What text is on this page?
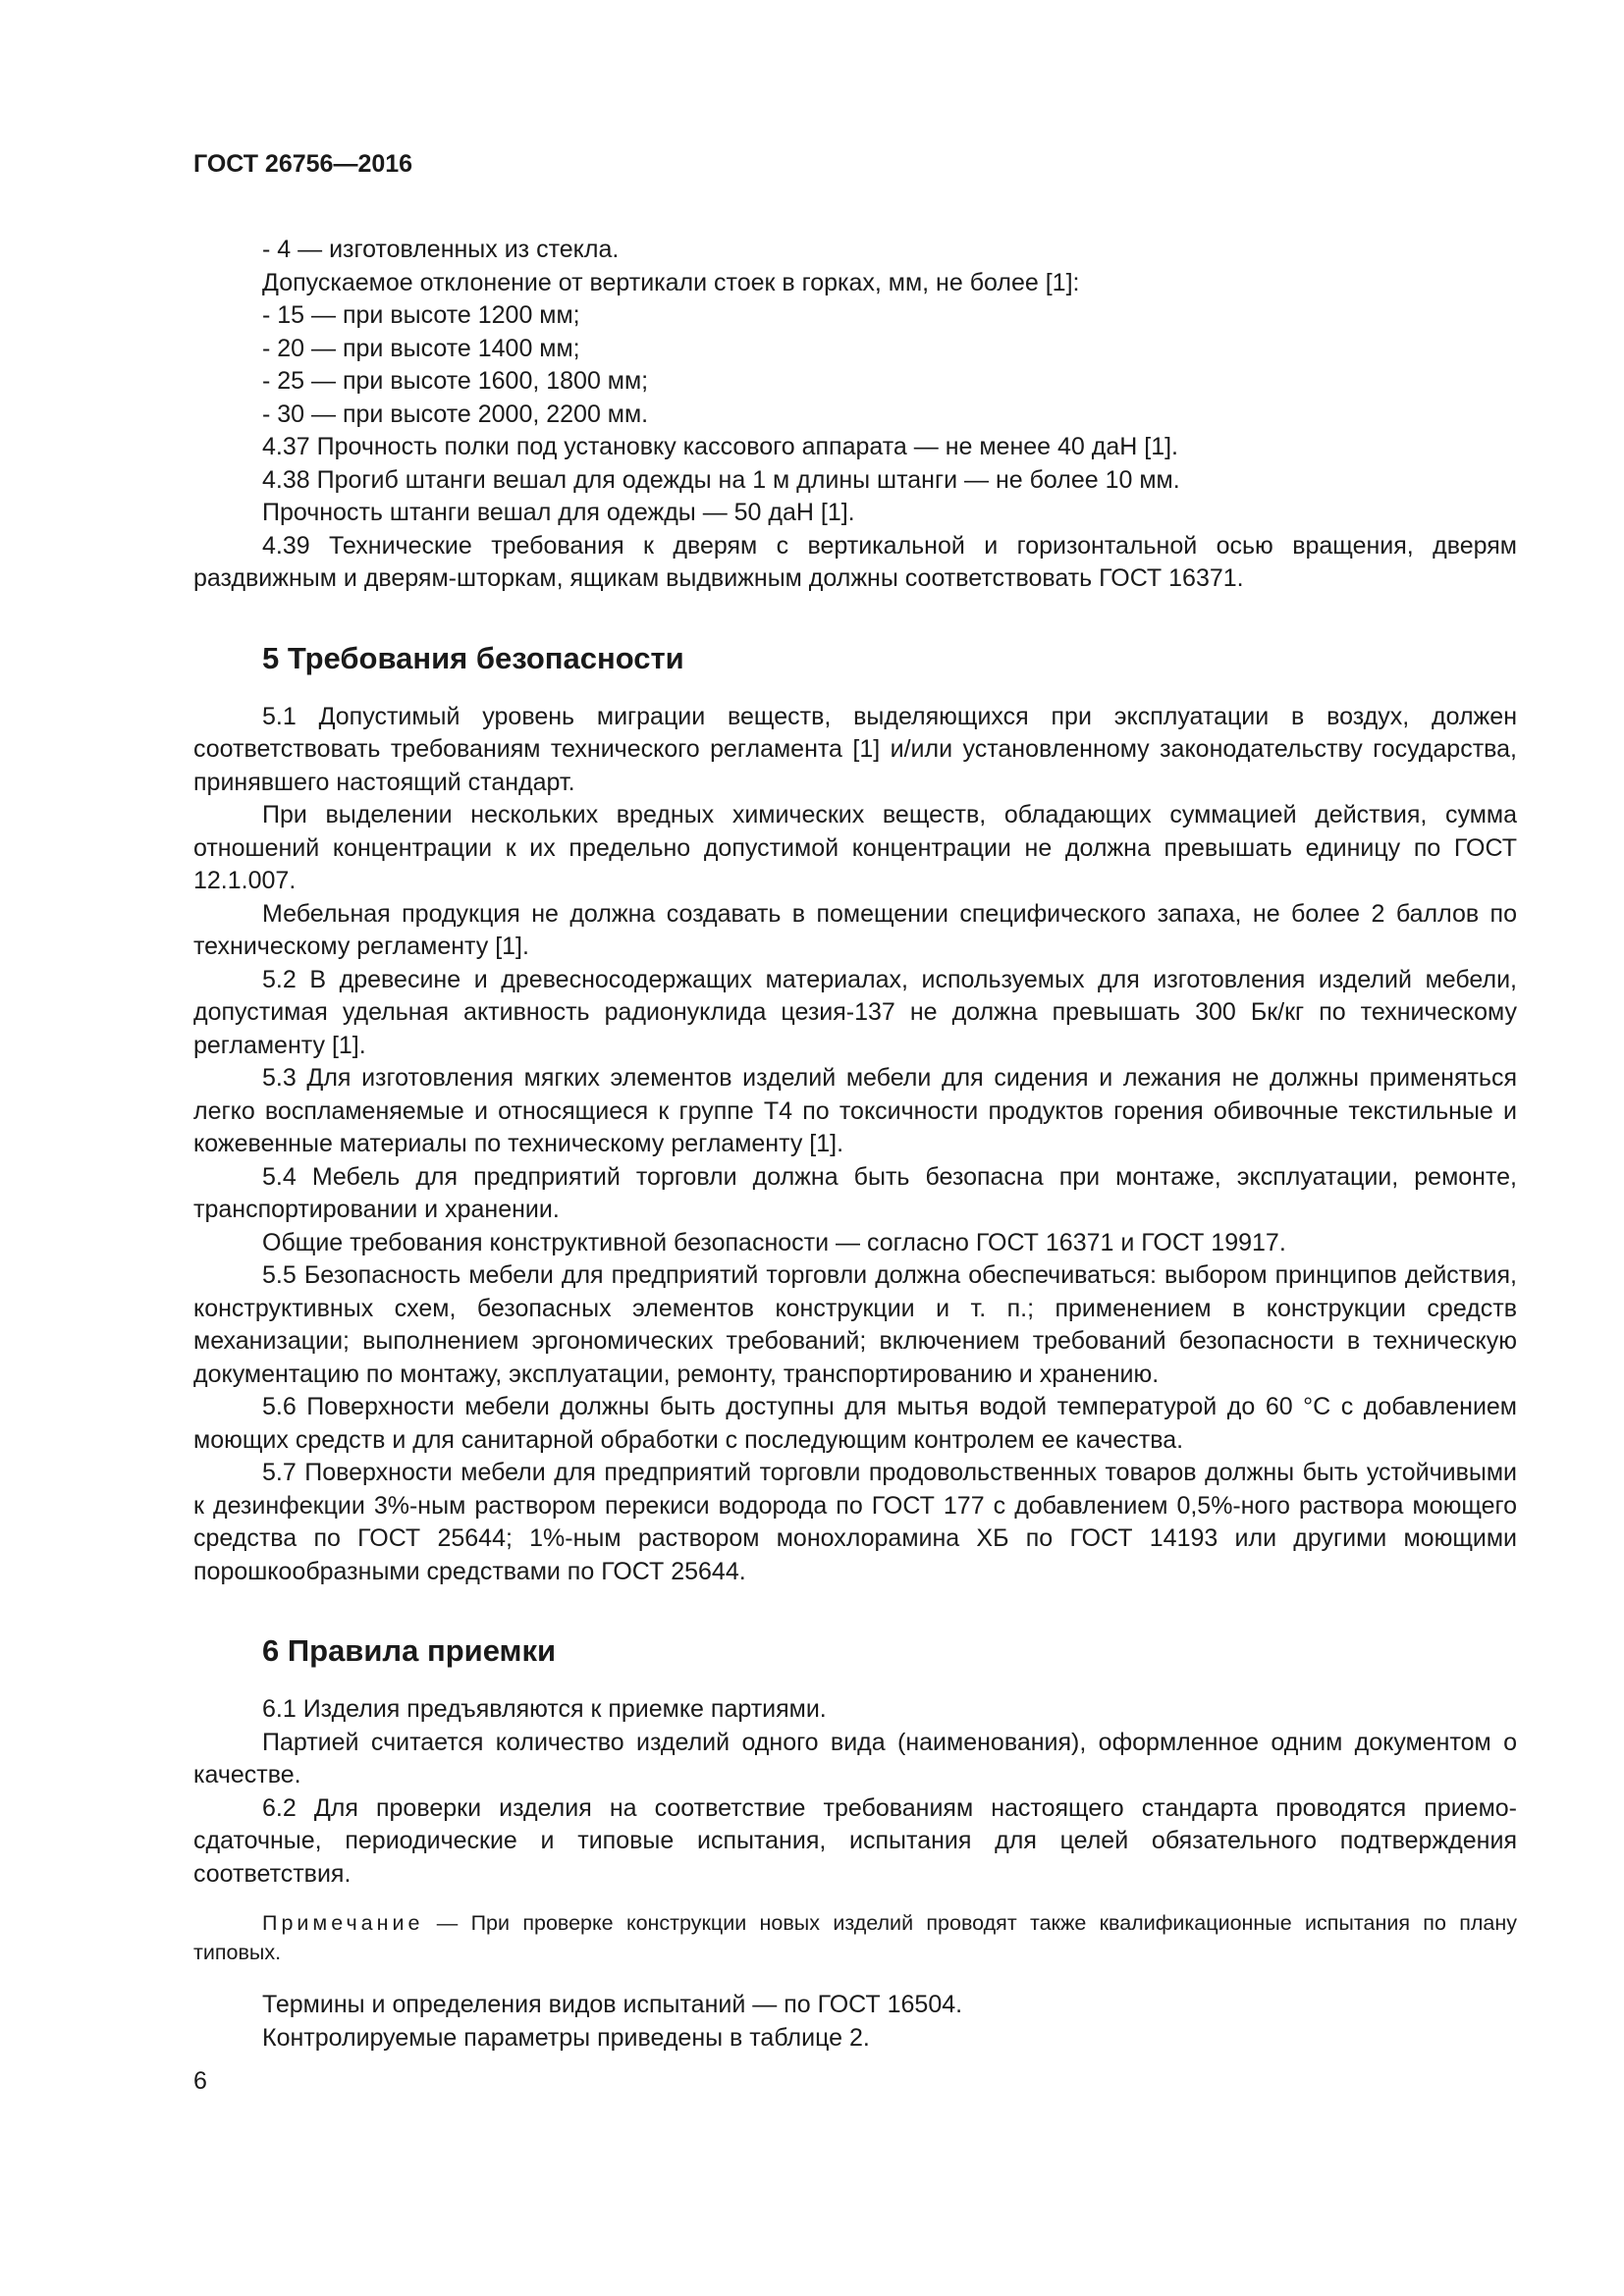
ГОСТ 26756—2016

- 4 — изготовленных из стекла.

Допускаемое отклонение от вертикали стоек в горках, мм, не более [1]:

- 15 — при высоте 1200 мм;

- 20 — при высоте 1400 мм;

- 25 — при высоте 1600, 1800 мм;

- 30 — при высоте 2000, 2200 мм.

4.37 Прочность полки под установку кассового аппарата — не менее 40 даН [1].

4.38 Прогиб штанги вешал для одежды на 1 м длины штанги — не более 10 мм.

Прочность штанги вешал для одежды — 50 даН [1].

4.39 Технические требования к дверям с вертикальной и горизонтальной осью вращения, дверям раздвижным и дверям-шторкам, ящикам выдвижным должны соответствовать ГОСТ 16371.

5 Требования безопасности

5.1 Допустимый уровень миграции веществ, выделяющихся при эксплуатации в воздух, должен соответствовать требованиям технического регламента [1] и/или установленному законодательству государства, принявшего настоящий стандарт.

При выделении нескольких вредных химических веществ, обладающих суммацией действия, сумма отношений концентрации к их предельно допустимой концентрации не должна превышать единицу по ГОСТ 12.1.007.

Мебельная продукция не должна создавать в помещении специфического запаха, не более 2 баллов по техническому регламенту [1].

5.2 В древесине и древесносодержащих материалах, используемых для изготовления изделий мебели, допустимая удельная активность радионуклида цезия-137 не должна превышать 300 Бк/кг по техническому регламенту [1].

5.3 Для изготовления мягких элементов изделий мебели для сидения и лежания не должны применяться легко воспламеняемые и относящиеся к группе Т4 по токсичности продуктов горения обивочные текстильные и кожевенные материалы по техническому регламенту [1].

5.4 Мебель для предприятий торговли должна быть безопасна при монтаже, эксплуатации, ремонте, транспортировании и хранении.

Общие требования конструктивной безопасности — согласно ГОСТ 16371 и ГОСТ 19917.

5.5 Безопасность мебели для предприятий торговли должна обеспечиваться: выбором принципов действия, конструктивных схем, безопасных элементов конструкции и т. п.; применением в конструкции средств механизации; выполнением эргономических требований; включением требований безопасности в техническую документацию по монтажу, эксплуатации, ремонту, транспортированию и хранению.

5.6 Поверхности мебели должны быть доступны для мытья водой температурой до 60 °С с добавлением моющих средств и для санитарной обработки с последующим контролем ее качества.

5.7 Поверхности мебели для предприятий торговли продовольственных товаров должны быть устойчивыми к дезинфекции 3%-ным раствором перекиси водорода по ГОСТ 177 с добавлением 0,5%-ного раствора моющего средства по ГОСТ 25644; 1%-ным раствором монохлорамина ХБ по ГОСТ 14193 или другими моющими порошкообразными средствами по ГОСТ 25644.

6 Правила приемки

6.1 Изделия предъявляются к приемке партиями.

Партией считается количество изделий одного вида (наименования), оформленное одним документом о качестве.

6.2 Для проверки изделия на соответствие требованиям настоящего стандарта проводятся приемо-сдаточные, периодические и типовые испытания, испытания для целей обязательного подтверждения соответствия.

Примечание — При проверке конструкции новых изделий проводят также квалификационные испытания по плану типовых.

Термины и определения видов испытаний — по ГОСТ 16504.

Контролируемые параметры приведены в таблице 2.

6
